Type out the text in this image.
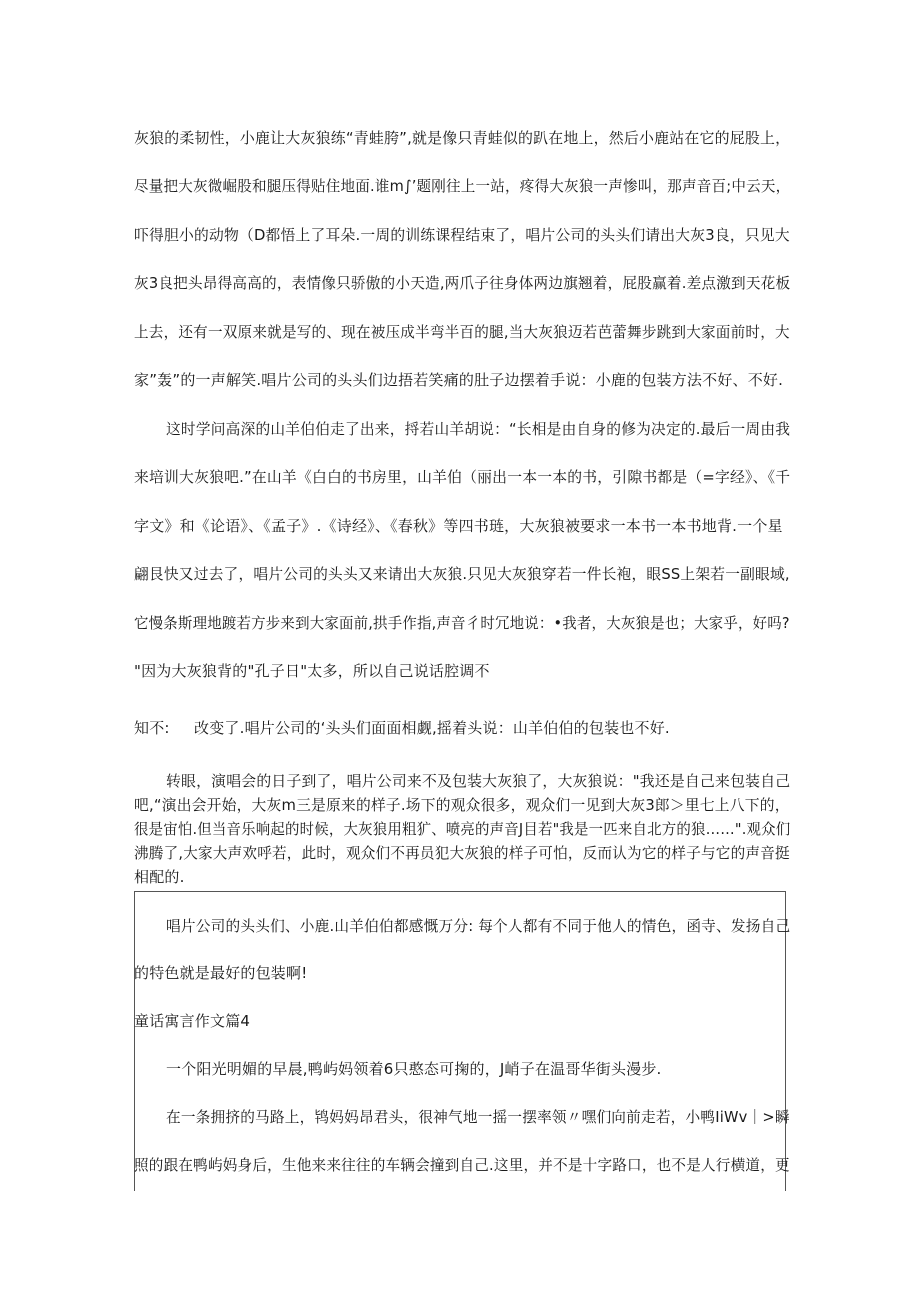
灰狼的柔韧性，小鹿让大灰狼练“青蛙胯”,就是像只青蛙似的趴在地上，然后小鹿站在它的屁股上，
尽量把大灰微崛股和腿压得贴住地面.谁m∫’题刚往上一站，疼得大灰狼一声惨叫，那声音百;中云天，
吓得胆小的动物（D都悟上了耳朵.一周的训练课程结束了，唱片公司的头头们请出大灰3良，只见大
灰3良把头昂得高高的，表情像只骄傲的小天造,两爪子往身体两边旗翘着，屁股赢着.差点激到天花板
上去，还有一双原来就是写的、现在被压成半弯半百的腿,当大灰狼迈若芭蕾舞步跳到大家面前时，大
家”轰”的一声解笑.唱片公司的头头们边捂若笑痛的肚子边摆着手说：小鹿的包装方法不好、不好.
这时学问高深的山羊伯伯走了出来，捋若山羊胡说：“长相是由自身的修为决定的.最后一周由我
来培训大灰狼吧.”在山羊《白白的书房里，山羊伯（丽出一本一本的书，引隙书都是（=字经》、《千
字文》和《论语》、《孟子》.《诗经》、《春秋》等四书琏，大灰狼被要求一本书一本书地背.一个星
翩艮快又过去了，唱片公司的头头又来请出大灰狼.只见大灰狼穿若一件长袍，眼SS上架若一副眼域,
它慢条斯理地踱若方步来到大家面前,拱手作指,声音彳时冗地说：•我者，大灰狼是也；大家乎，好吗?
"因为大灰狼背的"孔子日"太多，所以自己说话腔调不
知不: 改变了.唱片公司的‘头头们面面相觑,摇着头说：山羊伯伯的包装也不好.
转眼，演唱会的日子到了，唱片公司来不及包装大灰狼了，大灰狼说："我还是自己来包装自己
吧,“演出会开始，大灰m三是原来的样子.场下的观众很多，观众们一见到大灰3郎＞里七上八下的，
很是宙怕.但当音乐响起的时候，大灰狼用粗犷、喷亮的声音J目若"我是一匹来自北方的狼……".观众们
沸腾了,大家大声欢呼若，此时，观众们不再员犯大灰狼的样子可怕，反而认为它的样子与它的声音挺
相配的.
唱片公司的头头们、小鹿.山羊伯伯都感慨万分: 每个人都有不同于他人的情色，函寺、发扬自己
的特色就是最好的包装啊!
童话寓言作文篇4
一个阳光明媚的早晨,鸭屿妈领着6只憨态可掬的，J峭子在温哥华街头漫步.
在一条拥挤的马路上，鸨妈妈昂君头，很神气地一摇一摆率领〃嘿们向前走若，小鸭IiWv｜>瞬
照的跟在鸭屿妈身后，生他来来往往的车辆会撞到自己.这里，并不是十字路口，也不是人行横道，更
